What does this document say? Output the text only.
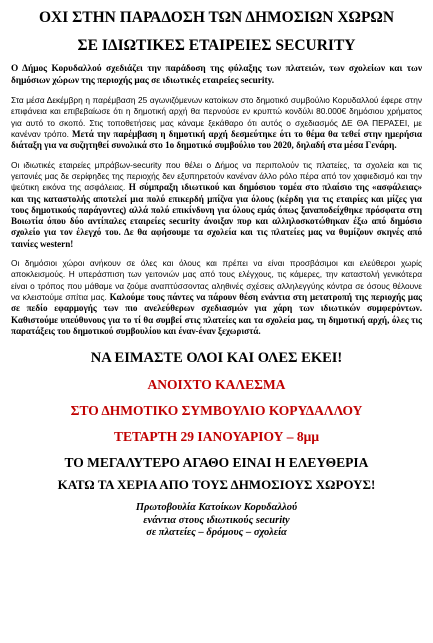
ΟΧΙ ΣΤΗΝ ΠΑΡΑΔΟΣΗ ΤΩΝ ΔΗΜΟΣΙΩΝ ΧΩΡΩΝ
ΣΕ ΙΔΙΩΤΙΚΕΣ ΕΤΑΙΡΕΙΕΣ SECURITY

Ο Δήμος Κορυδαλλού σχεδιάζει την παράδοση της φύλαξης των πλατειών, των σχολείων και των δημόσιων χώρων της περιοχής μας σε ιδιωτικές εταιρείες security.

Στα μέσα Δεκέμβρη η παρέμβαση 25 αγωνιζόμενων κατοίκων στο δημοτικό συμβούλιο Κορυδαλλού έφερε στην επιφάνεια και επιβεβαίωσε ότι η δημοτική αρχή θα περνούσε εν κρυπτώ κονδύλι 80.000€ δημόσιου χρήματος για αυτό το σκοπό. Στις τοποθετήσεις μας κάναμε ξεκάθαρο ότι αυτός ο σχεδιασμός ΔΕ ΘΑ ΠΕΡΑΣΕΙ, με κανέναν τρόπο. Μετά την παρέμβαση η δημοτική αρχή δεσμεύτηκε ότι το θέμα θα τεθεί στην ημερήσια διάταξη για να συζητηθεί συνολικά στο 1ο δημοτικό συμβούλιο του 2020, δηλαδή στα μέσα Γενάρη.

Οι ιδιωτικές εταιρείες μπράβων-security που θέλει ο Δήμος να περιπολούν τις πλατείες, τα σχολεία και τις γειτονιές μας δε σερίφηδες της περιοχής δεν εξυπηρετούν κανέναν άλλο ρόλο πέρα από τον χαφιεδισμό και την ψεύτικη εικόνα της ασφάλειας. Η σύμπραξη ιδιωτικού και δημόσιου τομέα στο πλαίσιο της «ασφάλειας» και της καταστολής αποτελεί μια πολύ επικερδή μπίζνα για όλους (κέρδη για τις εταιρίες και μίζες για τους δημοτικούς παράγοντες) αλλά πολύ επικίνδυνη για όλους εμάς όπως ξαναποδείχθηκε πρόσφατα στη Βοιωτία όπου δύο αντίπαλες εταιρείες security άνοιξαν πυρ και αλληλοσκοτώθηκαν έξω από δημόσιο σχολείο για τον έλεγχό του. Δε θα αφήσουμε τα σχολεία και τις πλατείες μας να θυμίζουν σκηνές από ταινίες western!

Οι δημόσιοι χώροι ανήκουν σε όλες και όλους και πρέπει να είναι προσβάσιμοι και ελεύθεροι χωρίς αποκλεισμούς. Η υπεράσπιση των γειτονιών μας από τους ελέγχους, τις κάμερες, την καταστολή γενικότερα είναι ο τρόπος που μάθαμε να ζούμε αναπτύσσοντας αληθινές σχέσεις αλληλεγγύης κόντρα σε όσους θέλουνε να κλειστούμε σπίτια μας. Καλούμε τους πάντες να πάρουν θέση ενάντια στη μετατροπή της περιοχής μας σε πεδίο εφαρμογής των πιο ανελεύθερων σχεδιασμών για χάρη των ιδιωτικών συμφερόντων. Καθιστούμε υπεύθυνους για το τί θα συμβεί στις πλατείες και τα σχολεία μας, τη δημοτική αρχή, όλες τις παρατάξεις του δημοτικού συμβουλίου και έναν-έναν ξεχωριστά.

ΝΑ ΕΙΜΑΣΤΕ ΟΛΟΙ ΚΑΙ ΟΛΕΣ ΕΚΕΙ!

ΑΝΟΙΧΤΟ ΚΑΛΕΣΜΑ

ΣΤΟ ΔΗΜΟΤΙΚΟ ΣΥΜΒΟΥΛΙΟ ΚΟΡΥΔΑΛΛΟΥ

ΤΕΤΑΡΤΗ 29 ΙΑΝΟΥΑΡΙΟΥ – 8μμ

ΤΟ ΜΕΓΑΛΥΤΕΡΟ ΑΓΑΘΟ ΕΙΝΑΙ Η ΕΛΕΥΘΕΡΙΑ

ΚΑΤΩ ΤΑ ΧΕΡΙΑ ΑΠΟ ΤΟΥΣ ΔΗΜΟΣΙΟΥΣ ΧΩΡΟΥΣ!

Πρωτοβουλία Κατοίκων Κορυδαλλού

ενάντια στους ιδιωτικούς security

σε πλατείες – δρόμους – σχολεία
